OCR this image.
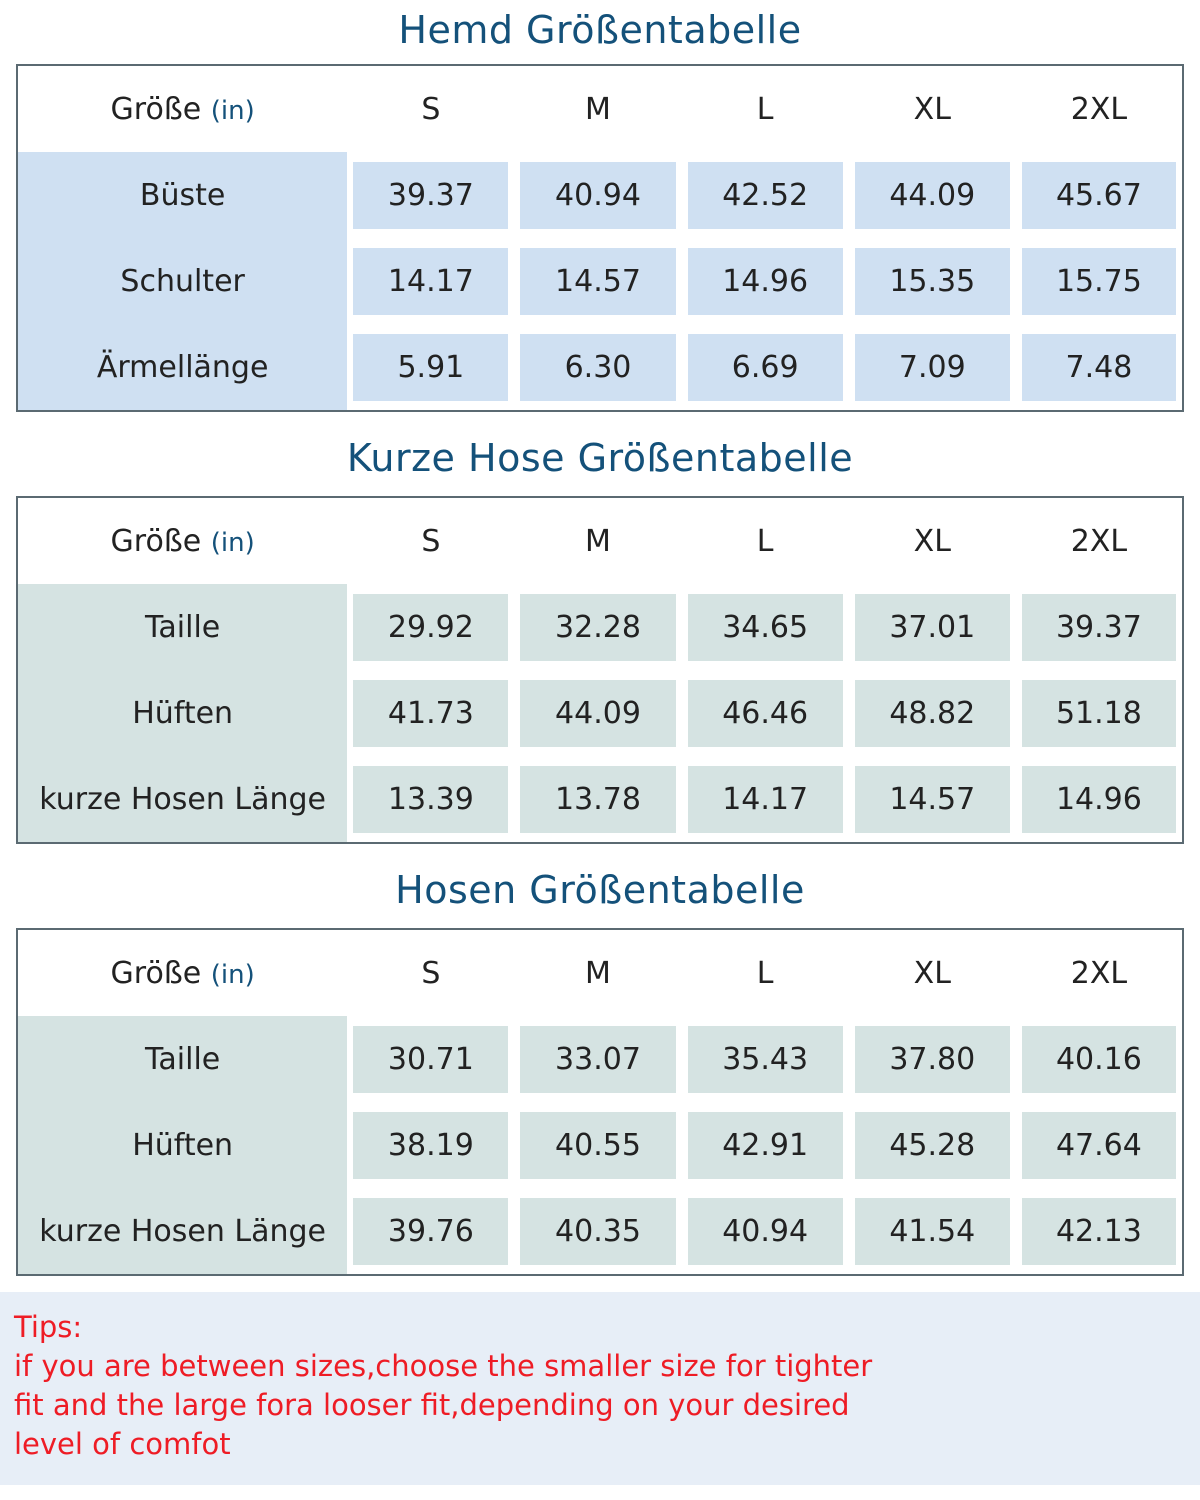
Hemd Größentabelle
Größe (in)	S	M	L	XL	2XL
Büste	39.37	40.94	42.52	44.09	45.67

Schulter	14.17	14.57	14.96	15.35	15.75

Ärmellänge	5.91	6.30	6.69	7.09	7.48
Kurze Hose Größentabelle
Größe (in)	S	M	L	XL	2XL
Taille	29.92	32.28	34.65	37.01	39.37

Hüften	41.73	44.09	46.46	48.82	51.18

kurze Hosen Länge	13.39	13.78	14.17	14.57	14.96
Hosen Größentabelle
Größe (in)	S	M	L	XL	2XL
Taille	30.71	33.07	35.43	37.80	40.16

Hüften	38.19	40.55	42.91	45.28	47.64

kurze Hosen Länge	39.76	40.35	40.94	41.54	42.13
Tips:
if you are between sizes,choose the smaller size for tighter
fit and the large fora looser fit,depending on your desired
level of comfot
